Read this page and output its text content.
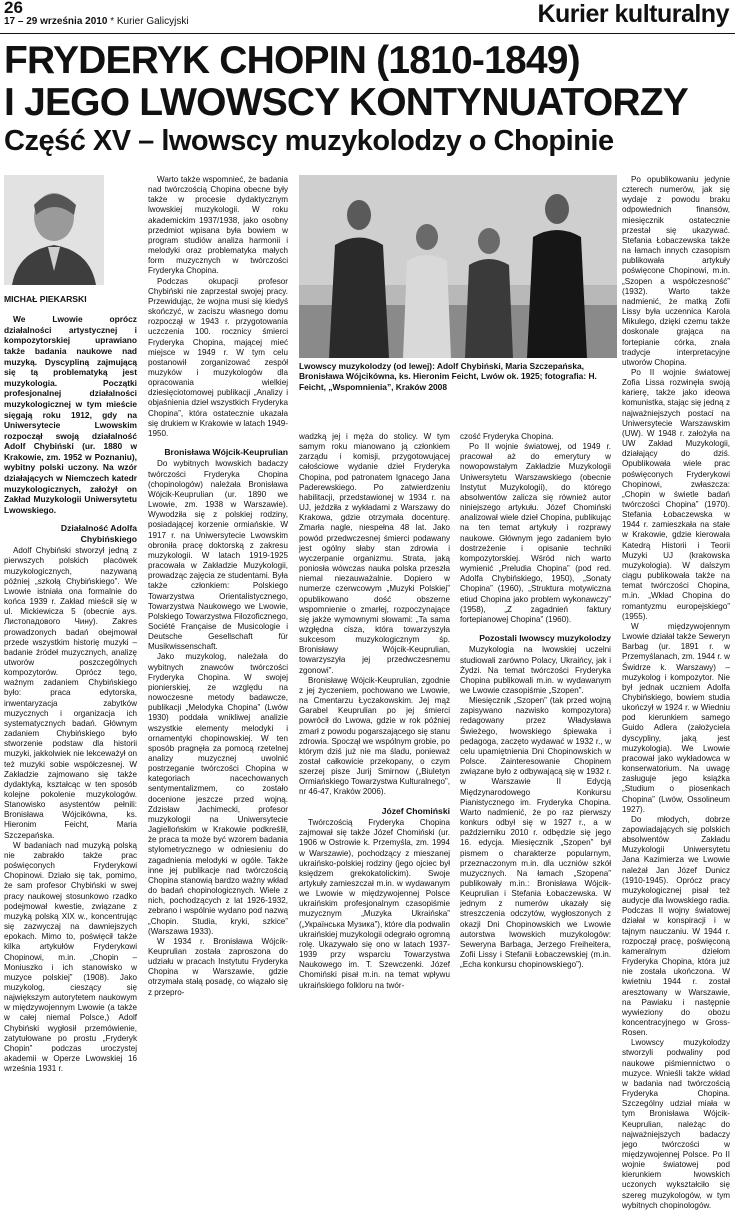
26
17 – 29 września 2010 * Kurier Galicyjski	Kurier kulturalny
FRYDERYK CHOPIN (1810-1849)
I JEGO LWOWSCY KONTYNUATORZY
Część XV – lwowscy muzykolodzy o Chopinie
MICHAŁ PIEKARSKI

We Lwowie oprócz działalności artystycznej i kompozytorskiej uprawiano także badania naukowe nad muzyką. Dyscypliną zajmującą się tą problematyką jest muzykologia. Początki profesjonalnej działalności muzykologicznej w tym mieście sięgają roku 1912, gdy na Uniwersytecie Lwowskim rozpoczął swoją działalność Adolf Chybiński (ur. 1880 w Krakowie, zm. 1952 w Poznaniu), wybitny polski uczony. Na wzór działających w Niemczech katedr muzykologicznych, założył on Zakład Muzykologii Uniwersytetu Lwowskiego.

Działalność Adolfa Chybińskiego

Adolf Chybiński stworzył jedną z pierwszych polskich placówek muzykologicznych, nazywaną później „szkołą Chybińskiego”. We Lwowie istniała ona formalnie do końca 1939 r. Zakład mieścił się w ul. Mickiewicza 5 (obecnie ays. Листопадового Чину). Zakres prowadzonych badań obejmował przede wszystkim historię muzyki – badanie źródeł muzycznych, analizę utworów poszczególnych kompozytorów. Oprócz tego, ważnym zadaniem Chybińskiego było: praca edytorska, inwentaryzacja zabytków muzycznych i organizacja ich systematycznych badań. Głównym zadaniem Chybińskiego było stworzenie podstaw dla historii muzyki, jakkolwiek nie lekceważył on też muzyki sobie współczesnej. W Zakładzie zajmowano się także dydaktyką, kształcąc w ten sposób kolejne pokolenie muzykologów. Stanowisko asystentów pełnili: Bronisława Wójcikówna, ks. Hieronim Feicht, Maria Szczepańska.

W badaniach nad muzyką polską nie zabrakło także prac poświęconych Fryderykowi Chopinowi. Działo się tak, pomimo, że sam profesor Chybiński w swej pracy naukowej stosunkowo rzadko podejmował kwestie, związane z muzyką polską XIX w., koncentrując się zazwyczaj na dawniejszych epokach. Mimo to, poświęcił także kilka artykułów Fryderykowi Chopinowi, m.in. „Chopin – Moniuszko i ich stanowisko w muzyce polskiej” (1908). Jako muzykolog, cieszący się największym autorytetem naukowym w międzywojennym Lwowie (a także w całej niemal Polsce,) Adolf Chybiński wygłosił przemówienie, zatytułowane po prostu „Fryderyk Chopin” podczas uroczystej akademii w Operze Lwowskiej 16 września 1931 r.

Warto także wspomnieć, że badania nad twórczością Chopina obecne były także w procesie dydaktycznym lwowskiej muzykologii. W roku akademickim 1937/1938, jako osobny przedmiot wpisana była bowiem w program studiów analiza harmonii i melodyki oraz problematyka małych form muzycznych w twórczości Fryderyka Chopina.

Podczas okupacji profesor Chybiński nie zaprzestał swojej pracy. Przewidując, że wojna musi się kiedyś skończyć, w zaciszu własnego domu rozpoczął w 1943 r. przygotowania uczczenia 100. rocznicy śmierci Fryderyka Chopina, mającej mieć miejsce w 1949 r. W tym celu postanowił zorganizować zespół muzyków i muzykologów dla opracowania wielkiej dziesięciotomowej publikacji „Analizy i objaśnienia dzieł wszystkich Fryderyka Chopina”, która ostatecznie ukazała się drukiem w Krakowie w latach 1949-1950.

Bronisława Wójcik-Keuprulian

Do wybitnych lwowskich badaczy twórczości Fryderyka Chopina (chopinologów) należała Bronisława Wójcik-Keuprulian (ur. 1890 we Lwowie, zm. 1938 w Warszawie). Wywodziła się z polskiej rodziny, posiadającej korzenie ormiańskie. W 1917 r. na Uniwersytecie Lwowskim obroniła pracę doktorską z zakresu muzykologii. W latach 1919-1925 pracowała w Zakładzie Muzykologii, prowadząc zajęcia ze studentami. Była także członkiem: Polskiego Towarzystwa Orientalistycznego, Towarzystwa Naukowego we Lwowie, Polskiego Towarzystwa Filozoficznego, Société Française de Musicologie i Deutsche Gesellschaft für Musikwissenschaft.

Jako muzykolog, należała do wybitnych znawców twórczości Fryderyka Chopina. W swojej pionierskiej, ze względu na nowoczesne metody badawcze, publikacji „Melodyka Chopina” (Lwów 1930) poddała wnikliwej analizie wszystkie elementy melodyki i ornamentyki chopinowskiej. W ten sposób pragnęła za pomocą rzetelnej analizy muzycznej uwolnić postrzeganie twórczości Chopina w kategoriach nacechowanych sentymentalizmem, co zostało docenione jeszcze przed wojną. Zdzisław Jachimecki, profesor muzykologii na Uniwersytecie Jagiellońskim w Krakowie podkreślił, że praca ta może być wzorem badania stylometrycznego w odniesieniu do zagadnienia melodyki w ogóle. Także inne jej publikacje nad twórczością Chopina stanowią bardzo ważny wkład do badań chopinologicznych. Wiele z nich, pochodzących z lat 1926-1932, zebrano i wspólnie wydano pod nazwą „Chopin. Studia, kryki, szkice” (Warszawa 1933).

W 1934 r. Bronisława Wójcik-Keuprulian została zaproszona do udziału w pracach Instytutu Fryderyka Chopina w Warszawie, gdzie otrzymała stałą posadę, co wiązało się z przepro-

Lwowscy muzykolodzy (od lewej): Adolf Chybiński, Maria Szczepańska, Bronisława Wójcikówna, ks. Hieronim Feicht, Lwów ok. 1925; fotografia: H. Feicht, „Wspomnienia”, Kraków 2008

wadzką jej i męża do stolicy. W tym samym roku mianowano ją członkiem zarządu i komisji, przygotowującej całościowe wydanie dzieł Fryderyka Chopina, pod patronatem Ignacego Jana Paderewskiego. Po zatwierdzeniu habilitacji, przedstawionej w 1934 r. na UJ, jeździła z wykładami z Warszawy do Krakowa, gdzie otrzymała docenturę. Zmarła nagle, niespełna 48 lat. Jako powód przedwczesnej śmierci podawany jest ogólny słaby stan zdrowia i wyczerpanie organizmu. Strata, jaką poniosła wówczas nauka polska przeszła niemal niezauważalnie. Dopiero w numerze czerwcowym „Muzyki Polskiej” opublikowano dość obszerne wspomnienie o zmarłej, rozpoczynające się jakże wymownymi słowami: „Ta sama wzgłędna cisza, która towarzyszyła sukcesom muzykologicznym śp. Bronisławy Wójcik-Keuprulian, towarzyszyła jej przedwczesnemu zgonowi”.

Bronisławę Wójcik-Keuprulian, zgodnie z jej życzeniem, pochowano we Lwowie, na Cmentarzu Łyczakowskim. Jej mąż Garabel Keuprulian po jej śmierci powrócił do Lwowa, gdzie w rok później zmarł z powodu pogarszającego się stanu zdrowia. Spoczął we wspólnym grobie, po którym dziś już nie ma śladu, ponieważ został całkowicie przekopany, o czym szerzej pisze Jurij Smirnow („Biuletyn Ormiańskiego Towarzystwa Kulturalnego”, nr 46-47, Kraków 2006).

Józef Chomiński

Twórczością Fryderyka Chopina zajmował się także Józef Chomiński (ur. 1906 w Ostrowie k. Przemyśla, zm. 1994 w Warszawie), pochodzący z mieszanej ukraińsko-polskiej rodziny (jego ojciec był księdzem grekokatolickim). Swoje artykuły zamieszczał m.in. w wydawanym we Lwowie w międzywojennej Polsce ukraińskim profesjonalnym czasopiśmie muzycznym „Muzyka Ukraińska” („Українська Музика”), które dla podwalin ukraińskiej muzykologii odegrało ogromną rolę. Ukazywało się ono w latach 1937-1939 przy wsparciu Towarzystwa Naukowego im. T. Szewczenki. Józef Chomiński pisał m.in. na temat wpływu ukraińskiego folkloru na twór-

czość Fryderyka Chopina.

Po II wojnie światowej, od 1949 r. pracował aż do emerytury w nowopowstałym Zakładzie Muzykologii Uniwersytetu Warszawskiego (obecnie Instytut Muzykologii), do którego absolwentów zalicza się również autor niniejszego artykułu. Józef Chomiński analizował wiele dzieł Chopina, publikując na ten temat artykuły i rozprawy naukowe. Głównym jego zadaniem było dostrzeżenie i opisanie techniki kompozytorskiej. Wśród nich warto wymienić „Preludia Chopina” (pod red. Adolfa Chybińskiego, 1950), „Sonaty Chopina” (1960), „Struktura motywiczna etiud Chopina jako problem wykonawczy” (1958), „Z zagadnień faktury fortepianowej Chopina” (1960).

Pozostali lwowscy muzykolodzy

Muzykologia na lwowskiej uczelni studiowali zarówno Polacy, Ukraińcy, jak i Żydzi. Na temat twórczości Fryderyka Chopina publikowali m.in. w wydawanym we Lwowie czasopiśmie „Szopen”.

Miesięcznik „Szopen” (tak przed wojną zapisywano nazwisko kompozytora) redagowany przez Władysława Świeżego, lwowskiego śpiewaka i pedagoga, zaczęto wydawać w 1932 r., w celu upamiętnienia Dni Chopinowskich w Polsce. Zainteresowanie Chopinem związane było z odbywającą się w 1932 r. w Warszawie II Edycją Międzynarodowego Konkursu Pianistycznego im. Fryderyka Chopina. Warto nadmienić, że po raz pierwszy konkurs odbył się w 1927 r., a w październiku 2010 r. odbędzie się jego 16. edycja. Miesięcznik „Szopen” był pismem o charakterze popularnym, przeznaczonym m.in. dla uczniów szkół muzycznych. Na łamach „Szopena” publikowały m.in.: Bronisława Wójcik-Keuprulian i Stefania Łobaczewska. W jednym z numerów ukazały się streszczenia odczytów, wygłoszonych z okazji Dni Chopinowskich we Lwowie autorstwa lwowskich muzykologów: Seweryna Barbaga, Jerzego Freiheitera, Zofii Lissy i Stefanii Łobaczewskiej (m.in. „Echa konkursu chopinowskiego”).

Po opublikowaniu jedynie czterech numerów, jak się wydaje z powodu braku odpowiednich finansów, miesięcznik ostatecznie przestał się ukazywać. Stefania Łobaczewska także na łamach innych czasopism publikowała artykuły poświęcone Chopinowi, m.in. „Szopen a współczesność” (1932). Warto także nadmienić, że matką Zofii Lissy była uczennica Karola Mikulego, dzięki czemu także doskonale grająca na fortepianie córka, znała tradycje interpretacyjne utworów Chopina.

Po II wojnie światowej Zofia Lissa rozwinęła swoją karierę, także jako ideowa komunistka, stając się jedną z najważniejszych postaci na Uniwersytecie Warszawskim (UW). W 1948 r. założyła na UW Zakład Muzykologii, działający do dziś. Opublikowała wiele prac poświęconych Fryderykowi Chopinowi, zwłaszcza: „Chopin w świetle badań twórczości Chopina” (1970). Stefania Łobaczewska w 1944 r. zamieszkała na stałe w Krakowie, gdzie kierowała Katedrą Historii i Teorii Muzyki UJ (krakowska muzykologia). W dalszym ciągu publikowała także na temat twórczości Chopina, m.in. „Wkład Chopina do romantyzmu europejskiego” (1955).

W międzywojennym Lwowie działał także Seweryn Barbag (ur. 1891 r. w Przemyślanach, zm. 1944 r. w Świdrze k. Warszawy) – muzykolog i kompozytor. Nie był jednak uczniem Adolfa Chybińskiego, bowiem studia ukończył w 1924 r. w Wiedniu pod kierunkiem samego Guido Adlera (założyciela dyscypliny, jaką jest muzykologia). We Lwowie pracował jako wykładowca w konserwatorium. Na uwagę zasługuje jego książka „Studium o piosenkach Chopina” (Lwów, Ossolineum 1927).

Do młodych, dobrze zapowiadających się polskich absolwentów Zakładu Muzykologii Uniwersytetu Jana Kazimierza we Lwowie należał Jan Józef Dunicz (1910-1945). Oprócz pracy muzykologicznej pisał też audycje dla lwowskiego radia. Podczas II wojny światowej działał w konspiracji i w tajnym nauczaniu. W 1944 r. rozpoczął pracę, poświęconą kameralnym dziełom Fryderyka Chopina, która już nie została ukończona. W kwietniu 1944 r. został aresztowany w Warszawie, na Pawiaku i następnie wywieziony do obozu koncentracyjnego w Gross-Rosen.

Lwowscy muzykolodzy stworzyli podwaliny pod naukowe piśmiennictwo o muzyce. Wnieśli także wkład w badania nad twórczością Fryderyka Chopina. Szczególny udział miała w tym Bronisława Wójcik-Keuprulian, należąc do najważniejszych badaczy jego twórczości w międzywojennej Polsce. Po II wojnie światowej pod kierunkiem lwowskich uczonych wykształciło się szereg muzykologów, w tym wybitnych chopinologów.
